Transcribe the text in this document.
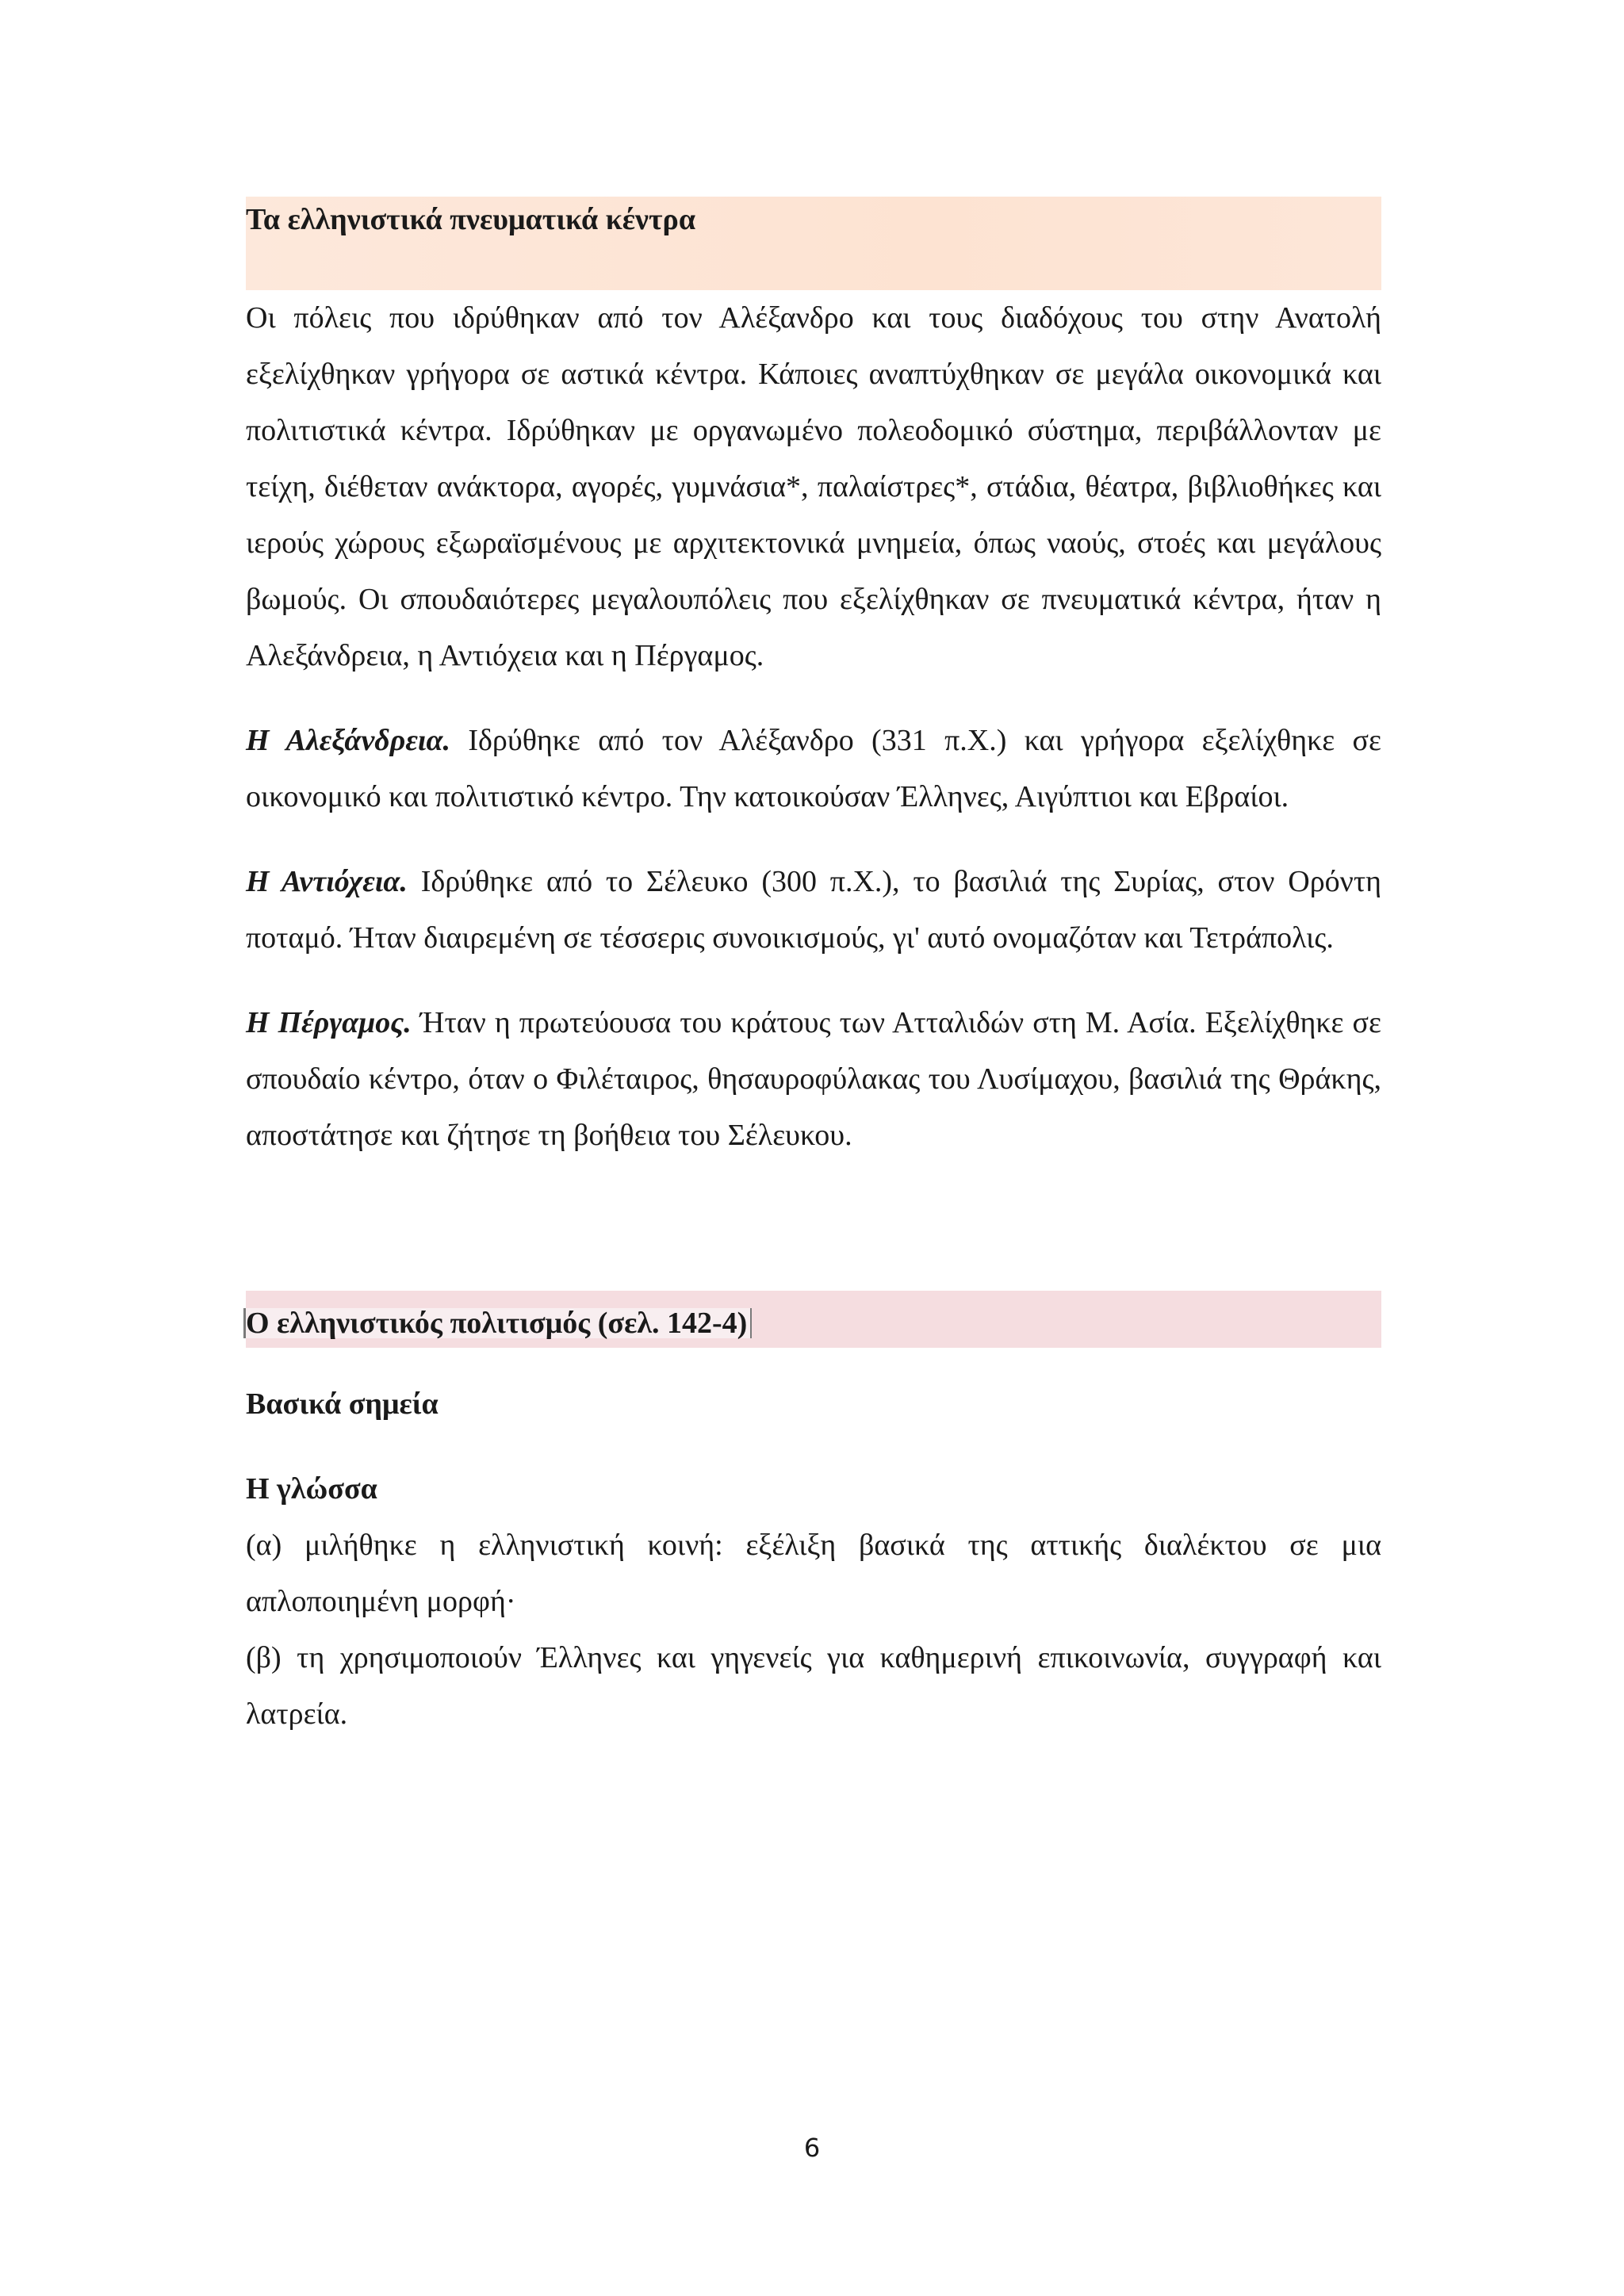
Τα ελληνιστικά πνευματικά κέντρα

Οι πόλεις που ιδρύθηκαν από τον Αλέξανδρο και τους διαδόχους του στην Ανατολή εξελίχθηκαν γρήγορα σε αστικά κέντρα. Κάποιες αναπτύχθηκαν σε μεγάλα οικονομικά και πολιτιστικά κέντρα. Ιδρύθηκαν με οργανωμένο πολεοδομικό σύστημα, περιβάλλονταν με τείχη, διέθεταν ανάκτορα, αγορές, γυμνάσια*, παλαίστρες*, στάδια, θέατρα, βιβλιοθήκες και ιερούς χώρους εξωραϊσμένους με αρχιτεκτονικά μνημεία, όπως ναούς, στοές και μεγάλους βωμούς. Οι σπουδαιότερες μεγαλουπόλεις που εξελίχθηκαν σε πνευματικά κέντρα, ήταν η Αλεξάνδρεια, η Αντιόχεια και η Πέργαμος.

Η Αλεξάνδρεια. Ιδρύθηκε από τον Αλέξανδρο (331 π.Χ.) και γρήγορα εξελίχθηκε σε οικονομικό και πολιτιστικό κέντρο. Την κατοικούσαν Έλληνες, Αιγύπτιοι και Εβραίοι.

Η Αντιόχεια. Ιδρύθηκε από το Σέλευκο (300 π.Χ.), το βασιλιά της Συρίας, στον Ορόντη ποταμό. Ήταν διαιρεμένη σε τέσσερις συνοικισμούς, γι' αυτό ονομαζόταν και Τετράπολις.

Η Πέργαμος. Ήταν η πρωτεύουσα του κράτους των Ατταλιδών στη Μ. Ασία. Εξελίχθηκε σε σπουδαίο κέντρο, όταν ο Φιλέταιρος, θησαυροφύλακας του Λυσίμαχου, βασιλιά της Θράκης, αποστάτησε και ζήτησε τη βοήθεια του Σέλευκου.

Ο ελληνιστικός πολιτισμός (σελ. 142-4)

Βασικά σημεία

Η γλώσσα

(α) μιλήθηκε η ελληνιστική κοινή: εξέλιξη βασικά της αττικής διαλέκτου σε μια απλοποιημένη μορφή·

(β) τη χρησιμοποιούν Έλληνες και γηγενείς για καθημερινή επικοινωνία, συγγραφή και λατρεία.

6
